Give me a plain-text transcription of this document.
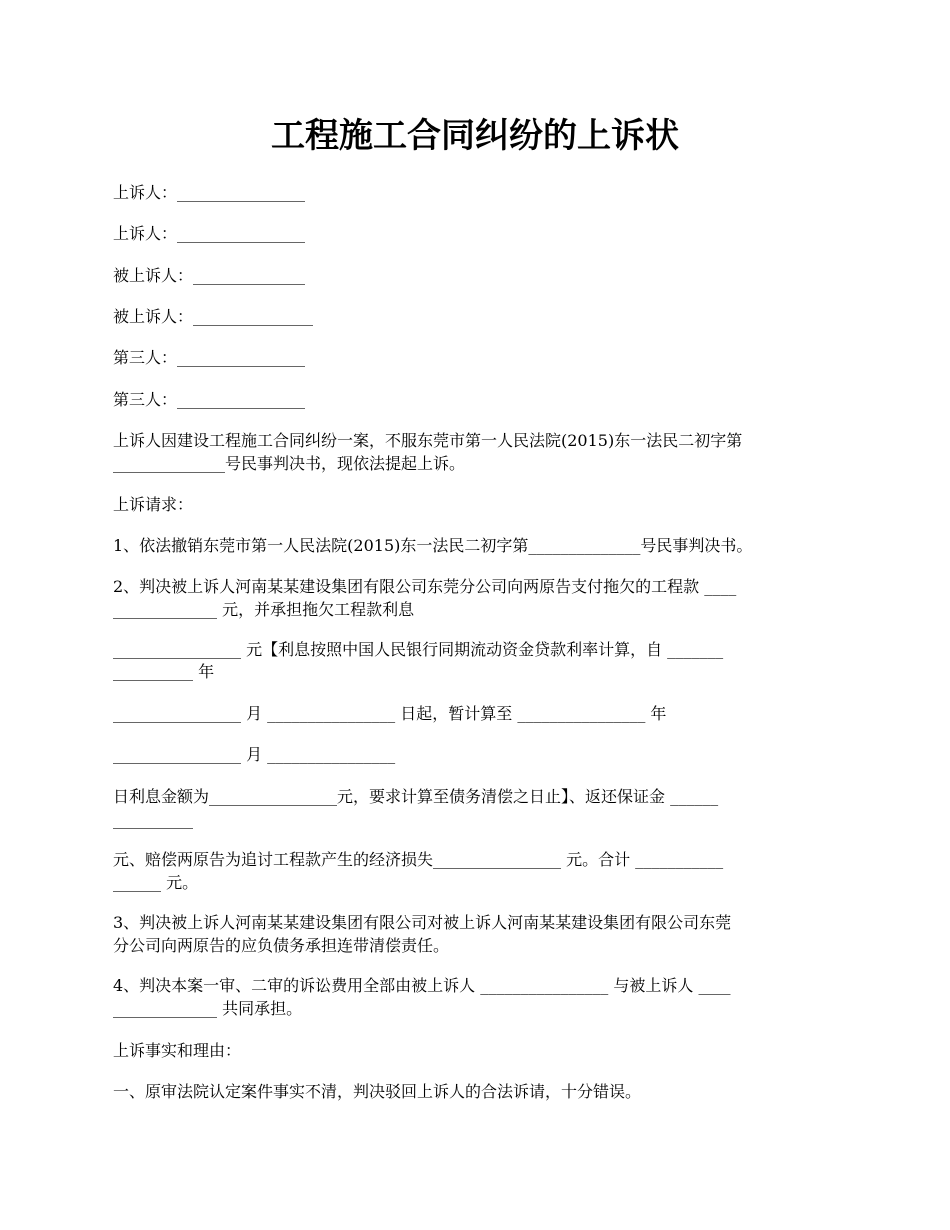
工程施工合同纠纷的上诉状

上诉人：________________

上诉人：________________

被上诉人：______________

被上诉人：_______________

第三人：________________

第三人：________________

上诉人因建设工程施工合同纠纷一案，不服东莞市第一人民法院(2015)东一法民二初字第

______________号民事判决书，现依法提起上诉。

上诉请求：

1、依法撤销东莞市第一人民法院(2015)东一法民二初字第______________号民事判决书。

2、判决被上诉人河南某某建设集团有限公司东莞分公司向两原告支付拖欠的工程款 ____

_____________ 元，并承担拖欠工程款利息

________________ 元【利息按照中国人民银行同期流动资金贷款利率计算，自 _______

__________ 年

________________ 月 ________________ 日起，暂计算至 ________________ 年

________________ 月 ________________

日利息金额为________________元，要求计算至债务清偿之日止】、返还保证金 ______

__________

元、赔偿两原告为追讨工程款产生的经济损失________________ 元。合计 ___________

______ 元。

3、判决被上诉人河南某某建设集团有限公司对被上诉人河南某某建设集团有限公司东莞

分公司向两原告的应负债务承担连带清偿责任。

4、判决本案一审、二审的诉讼费用全部由被上诉人 ________________ 与被上诉人 ____

_____________ 共同承担。

上诉事实和理由：

一、原审法院认定案件事实不清，判决驳回上诉人的合法诉请，十分错误。
